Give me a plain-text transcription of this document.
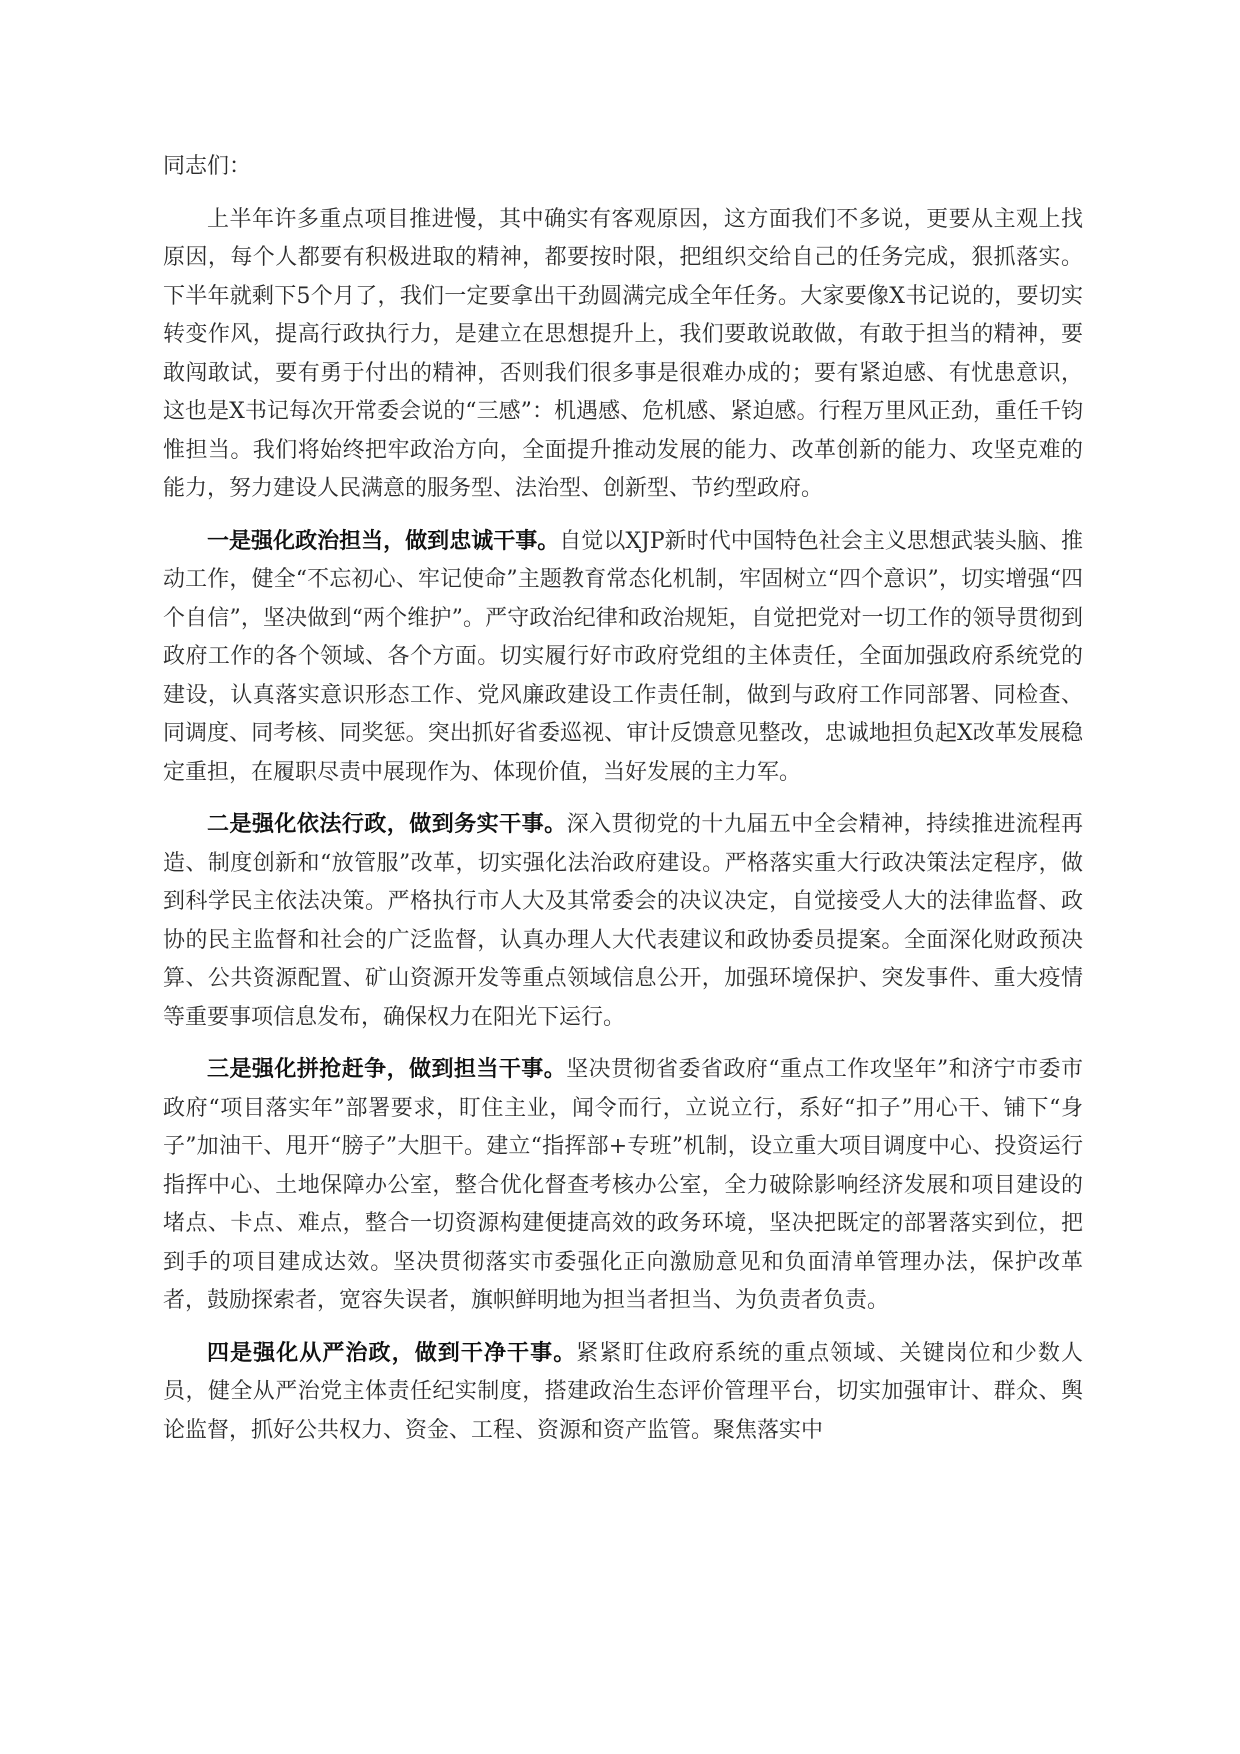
同志们：

上半年许多重点项目推进慢，其中确实有客观原因，这方面我们不多说，更要从主观上找原因，每个人都要有积极进取的精神，都要按时限，把组织交给自己的任务完成，狠抓落实。下半年就剩下5个月了，我们一定要拿出干劲圆满完成全年任务。大家要像X书记说的，要切实转变作风，提高行政执行力，是建立在思想提升上，我们要敢说敢做，有敢于担当的精神，要敢闯敢试，要有勇于付出的精神，否则我们很多事是很难办成的；要有紧迫感、有忧患意识，这也是X书记每次开常委会说的“三感”：机遇感、危机感、紧迫感。行程万里风正劲，重任千钧惟担当。我们将始终把牢政治方向，全面提升推动发展的能力、改革创新的能力、攻坚克难的能力，努力建设人民满意的服务型、法治型、创新型、节约型政府。

一是强化政治担当，做到忠诚干事。自觉以XJP新时代中国特色社会主义思想武装头脑、推动工作，健全“不忘初心、牢记使命”主题教育常态化机制，牢固树立“四个意识”，切实增强“四个自信”，坚决做到“两个维护”。严守政治纪律和政治规矩，自觉把党对一切工作的领导贯彻到政府工作的各个领域、各个方面。切实履行好市政府党组的主体责任，全面加强政府系统党的建设，认真落实意识形态工作、党风廉政建设工作责任制，做到与政府工作同部署、同检查、同调度、同考核、同奖惩。突出抓好省委巡视、审计反馈意见整改，忠诚地担负起X改革发展稳定重担，在履职尽责中展现作为、体现价值，当好发展的主力军。

二是强化依法行政，做到务实干事。深入贯彻党的十九届五中全会精神，持续推进流程再造、制度创新和“放管服”改革，切实强化法治政府建设。严格落实重大行政决策法定程序，做到科学民主依法决策。严格执行市人大及其常委会的决议决定，自觉接受人大的法律监督、政协的民主监督和社会的广泛监督，认真办理人大代表建议和政协委员提案。全面深化财政预决算、公共资源配置、矿山资源开发等重点领域信息公开，加强环境保护、突发事件、重大疫情等重要事项信息发布，确保权力在阳光下运行。

三是强化拼抢赶争，做到担当干事。坚决贯彻省委省政府“重点工作攻坚年”和济宁市委市政府“项目落实年”部署要求，盯住主业，闻令而行，立说立行，系好“扣子”用心干、铺下“身子”加油干、甩开“膀子”大胆干。建立“指挥部+专班”机制，设立重大项目调度中心、投资运行指挥中心、土地保障办公室，整合优化督查考核办公室，全力破除影响经济发展和项目建设的堵点、卡点、难点，整合一切资源构建便捷高效的政务环境，坚决把既定的部署落实到位，把到手的项目建成达效。坚决贯彻落实市委强化正向激励意见和负面清单管理办法，保护改革者，鼓励探索者，宽容失误者，旗帜鲜明地为担当者担当、为负责者负责。

四是强化从严治政，做到干净干事。紧紧盯住政府系统的重点领域、关键岗位和少数人员，健全从严治党主体责任纪实制度，搭建政治生态评价管理平台，切实加强审计、群众、舆论监督，抓好公共权力、资金、工程、资源和资产监管。聚焦落实中
